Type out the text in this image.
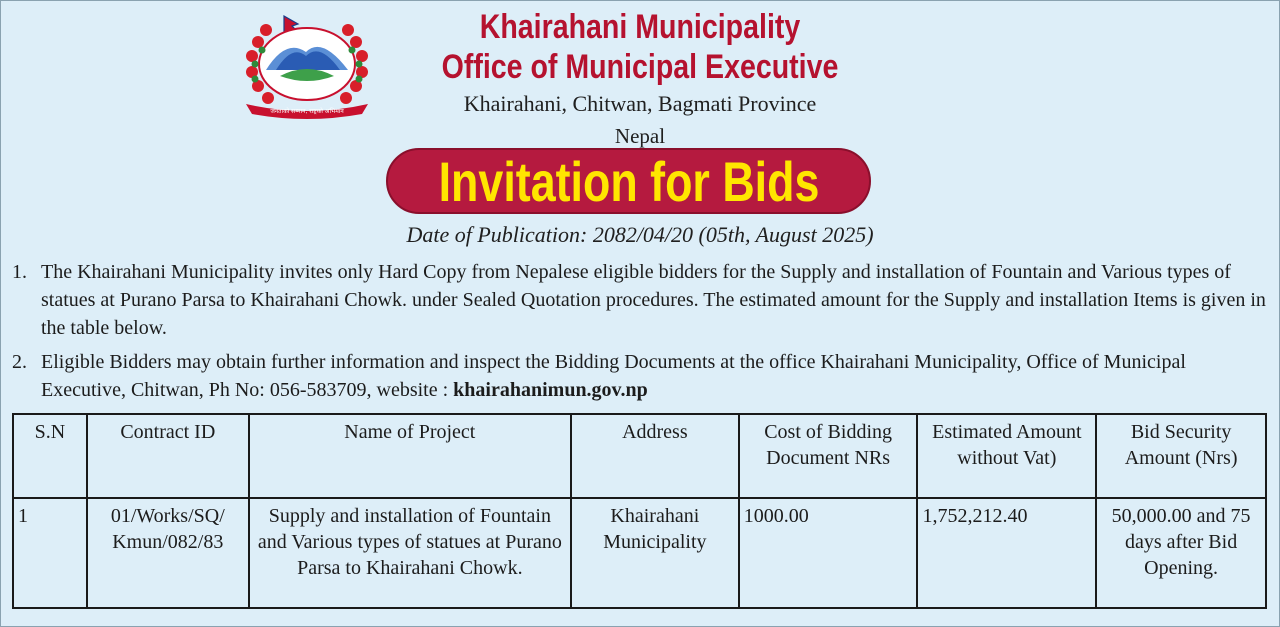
जनताको सम्मान, राष्ट्रको अभिमान
Khairahani Municipality
Office of Municipal Executive
Khairahani, Chitwan, Bagmati Province
Nepal
Invitation for Bids
Date of Publication: 2082/04/20 (05th, August 2025)
1. The Khairahani Municipality invites only Hard Copy from Nepalese eligible bidders for the Supply and installation of Fountain and Various types of statues at Purano Parsa to Khairahani Chowk. under Sealed Quotation procedures. The estimated amount for the Supply and installation Items is given in the table below.
2. Eligible Bidders may obtain further information and inspect the Bidding Documents at the office Khairahani Municipality, Office of Municipal Executive, Chitwan, Ph No: 056-583709, website : khairahanimun.gov.np
S.N	Contract ID	Name of Project	Address	Cost of Bidding Document NRs	Estimated Amount without Vat)	Bid Security Amount (Nrs)
1	01/Works/SQ/ Kmun/082/83	Supply and installation of Fountain and Various types of statues at Purano Parsa to Khairahani Chowk.	Khairahani Municipality	1000.00	1,752,212.40	50,000.00 and 75 days after Bid Opening.
